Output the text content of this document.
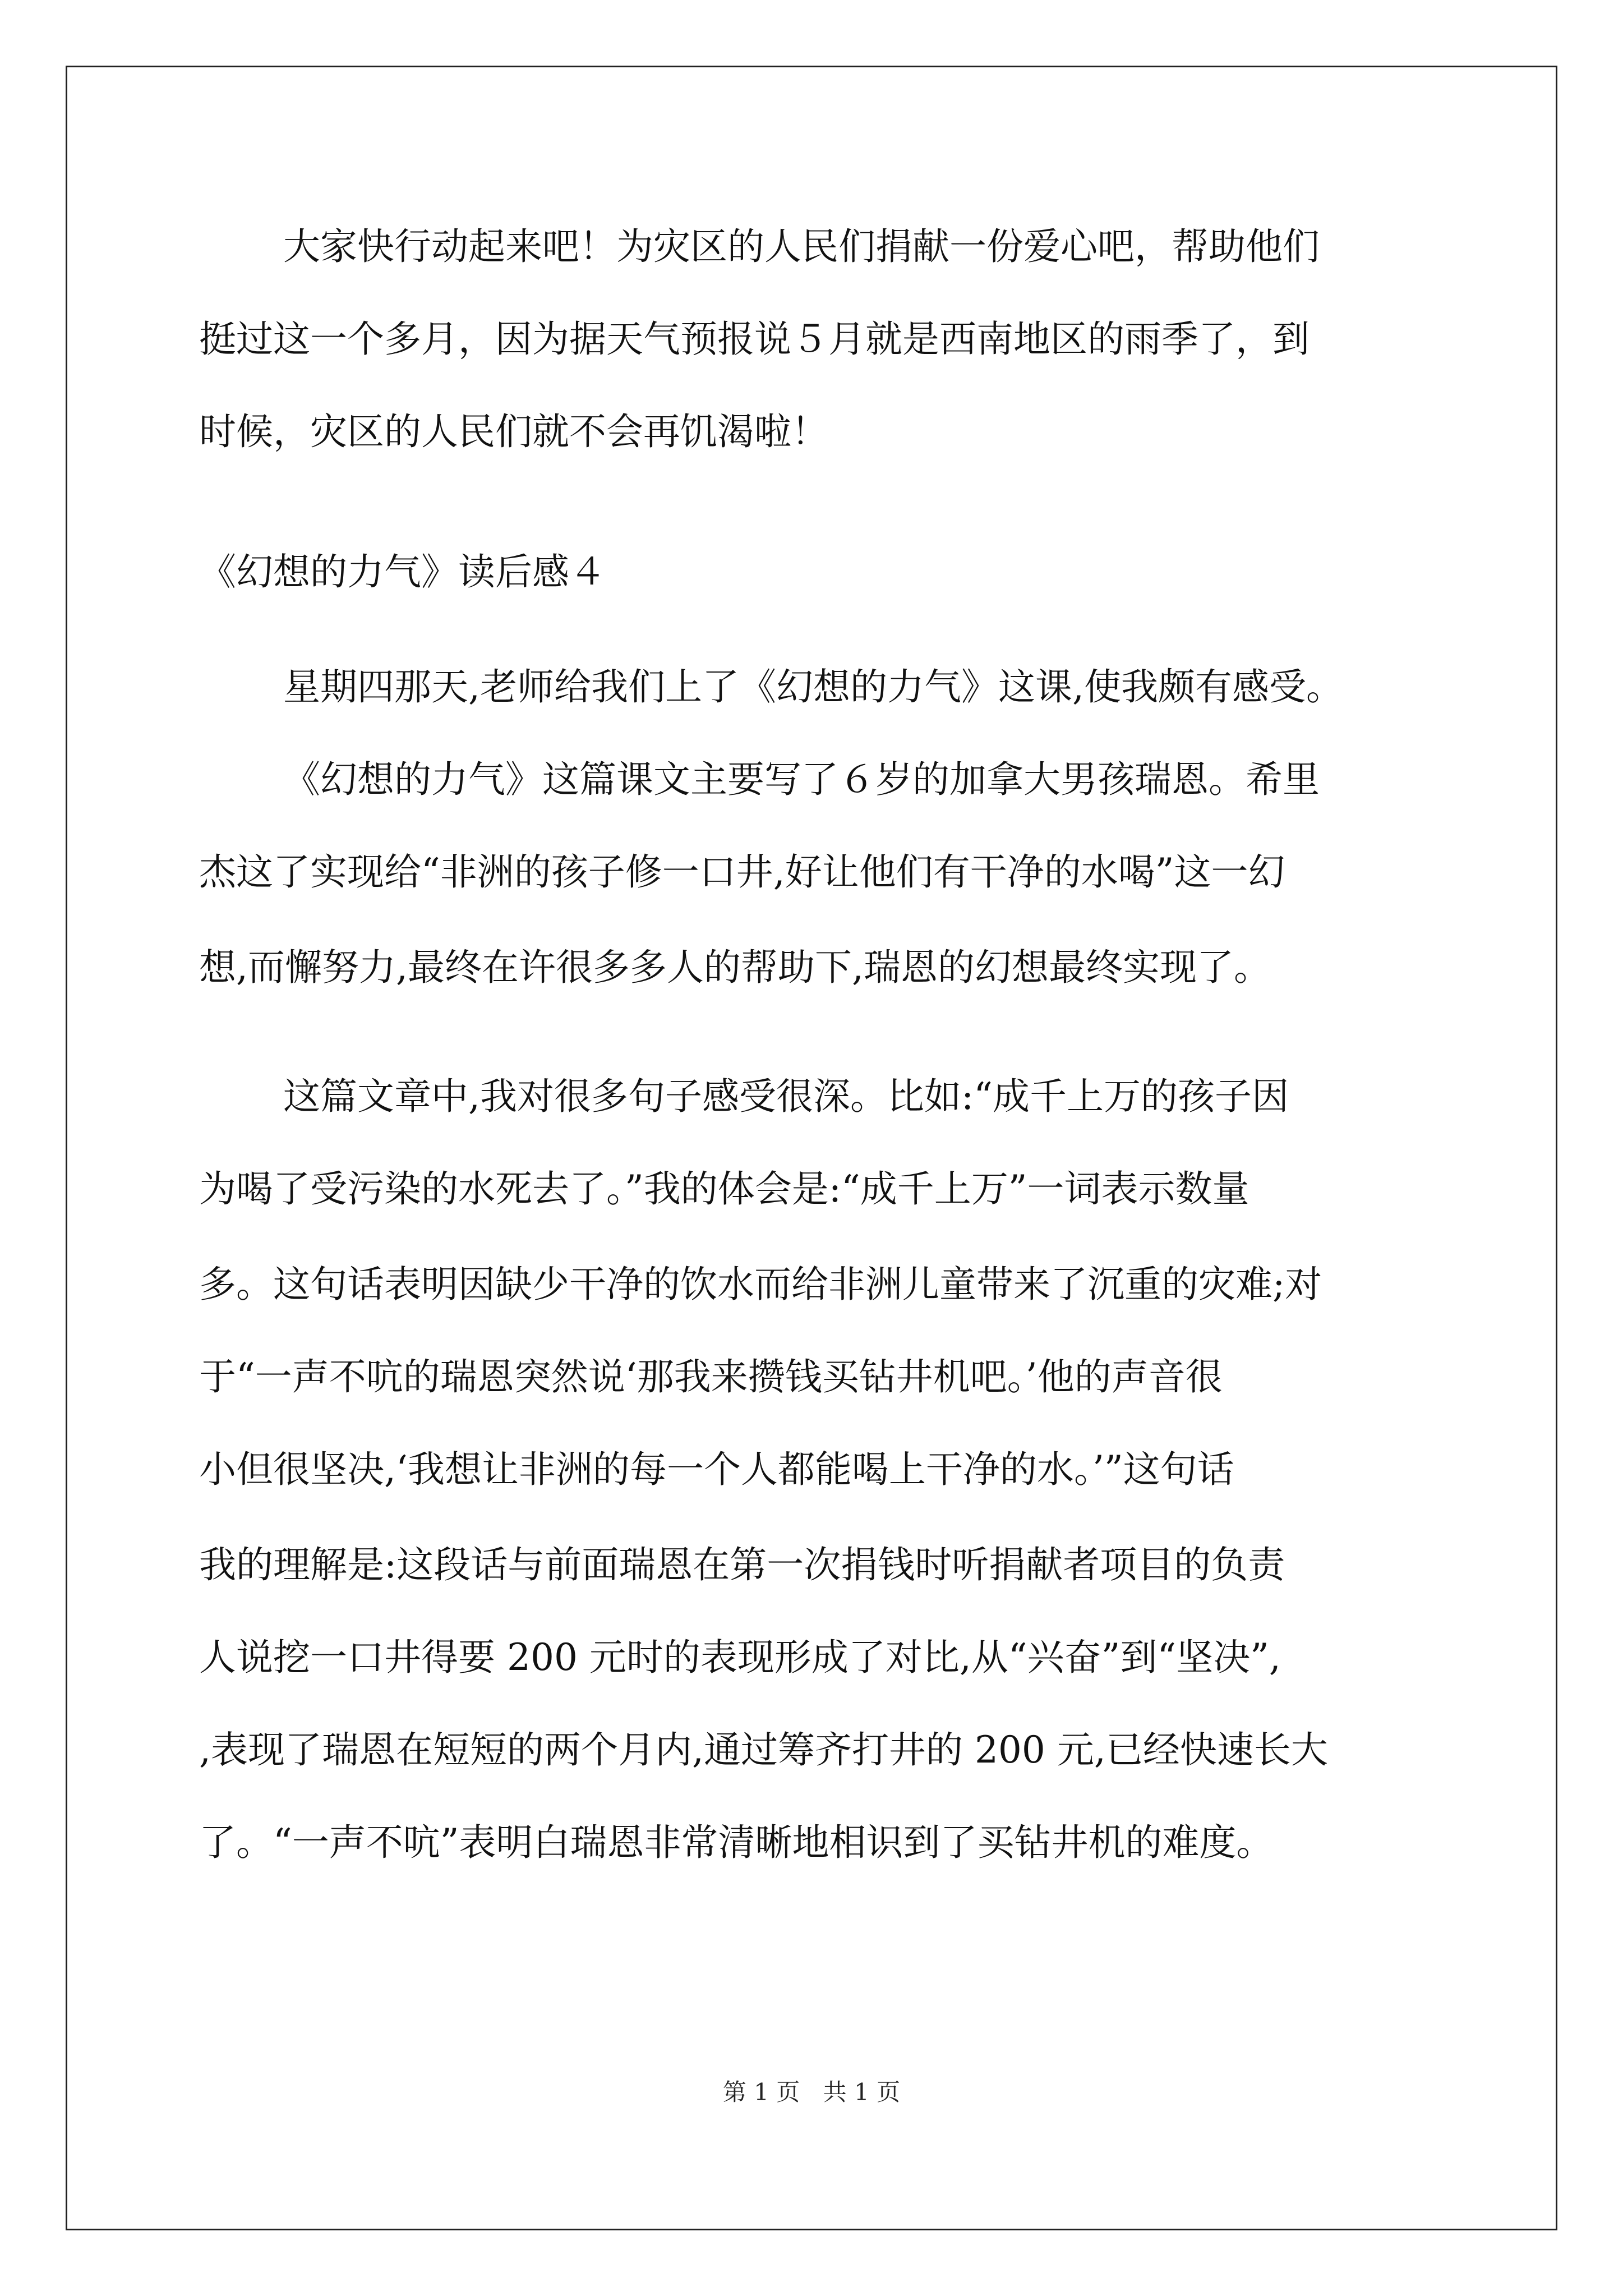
大家快行动起来吧！为灾区的人民们捐献一份爱心吧，帮助他们
挺过这一个多月，因为据天气预报说５月就是西南地区的雨季了，到
时候，灾区的人民们就不会再饥渴啦！
《幻想的力气》读后感４
星期四那天,老师给我们上了《幻想的力气》这课,使我颇有感受。
《幻想的力气》这篇课文主要写了６岁的加拿大男孩瑞恩。希里
杰这了实现给“非洲的孩子修一口井,好让他们有干净的水喝”这一幻
想,而懈努力,最终在许很多多人的帮助下,瑞恩的幻想最终实现了。
这篇文章中,我对很多句子感受很深。比如:“成千上万的孩子因
为喝了受污染的水死去了。”我的体会是:“成千上万”一词表示数量
多。这句话表明因缺少干净的饮水而给非洲儿童带来了沉重的灾难;对
于“一声不吭的瑞恩突然说‘那我来攒钱买钻井机吧。’他的声音很
小但很坚决,‘我想让非洲的每一个人都能喝上干净的水。’”这句话
我的理解是:这段话与前面瑞恩在第一次捐钱时听捐献者项目的负责
人说挖一口井得要 200 元时的表现形成了对比,从“兴奋”到“坚决”,
,表现了瑞恩在短短的两个月内,通过筹齐打井的 200 元,已经快速长大
了。“一声不吭”表明白瑞恩非常清晰地相识到了买钻井机的难度。
第 1 页 共 1 页
